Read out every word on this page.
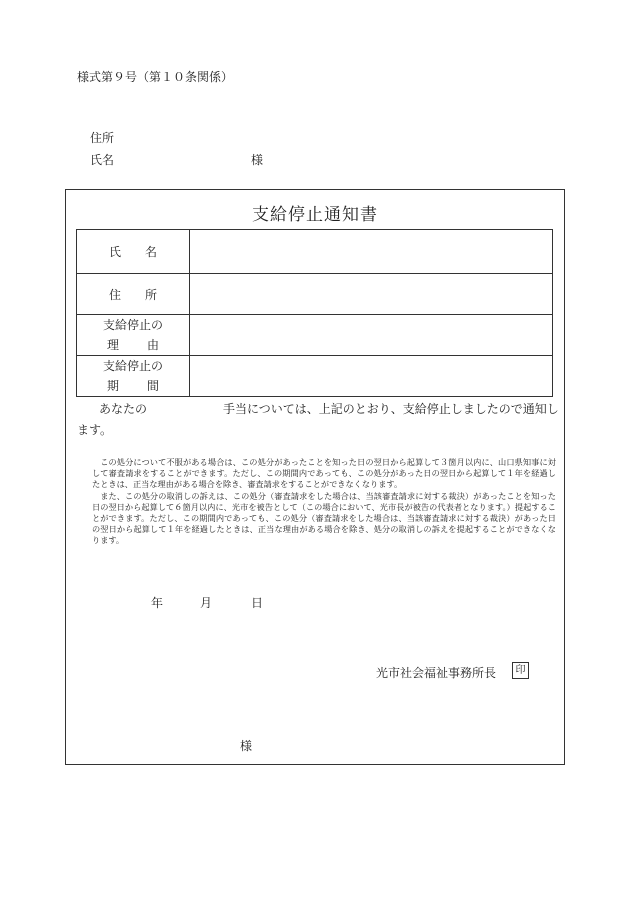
様式第９号（第１０条関係）
住所
氏名	様
支給停止通知書
氏　　名	
住　　所	

支給停止の
理由	

支給停止の
期間	

あなたの	手当については、上記のとおり、支給停止しましたので通知し
ます。

この処分について不服がある場合は、この処分があったことを知った日の翌日から起算して３箇月以内に、山口県知事に対して審査請求をすることができます。ただし、この期間内であっても、この処分があった日の翌日から起算して１年を経過したときは、正当な理由がある場合を除き、審査請求をすることができなくなります。

また、この処分の取消しの訴えは、この処分（審査請求をした場合は、当該審査請求に対する裁決）があったことを知った日の翌日から起算して６箇月以内に、光市を被告として（この場合において、光市長が被告の代表者となります。）提起することができます。ただし、この期間内であっても、この処分（審査請求をした場合は、当該審査請求に対する裁決）があった日の翌日から起算して１年を経過したときは、正当な理由がある場合を除き、処分の取消しの訴えを提起することができなくなります。

年	月	日
光市社会福祉事務所長	印
様
